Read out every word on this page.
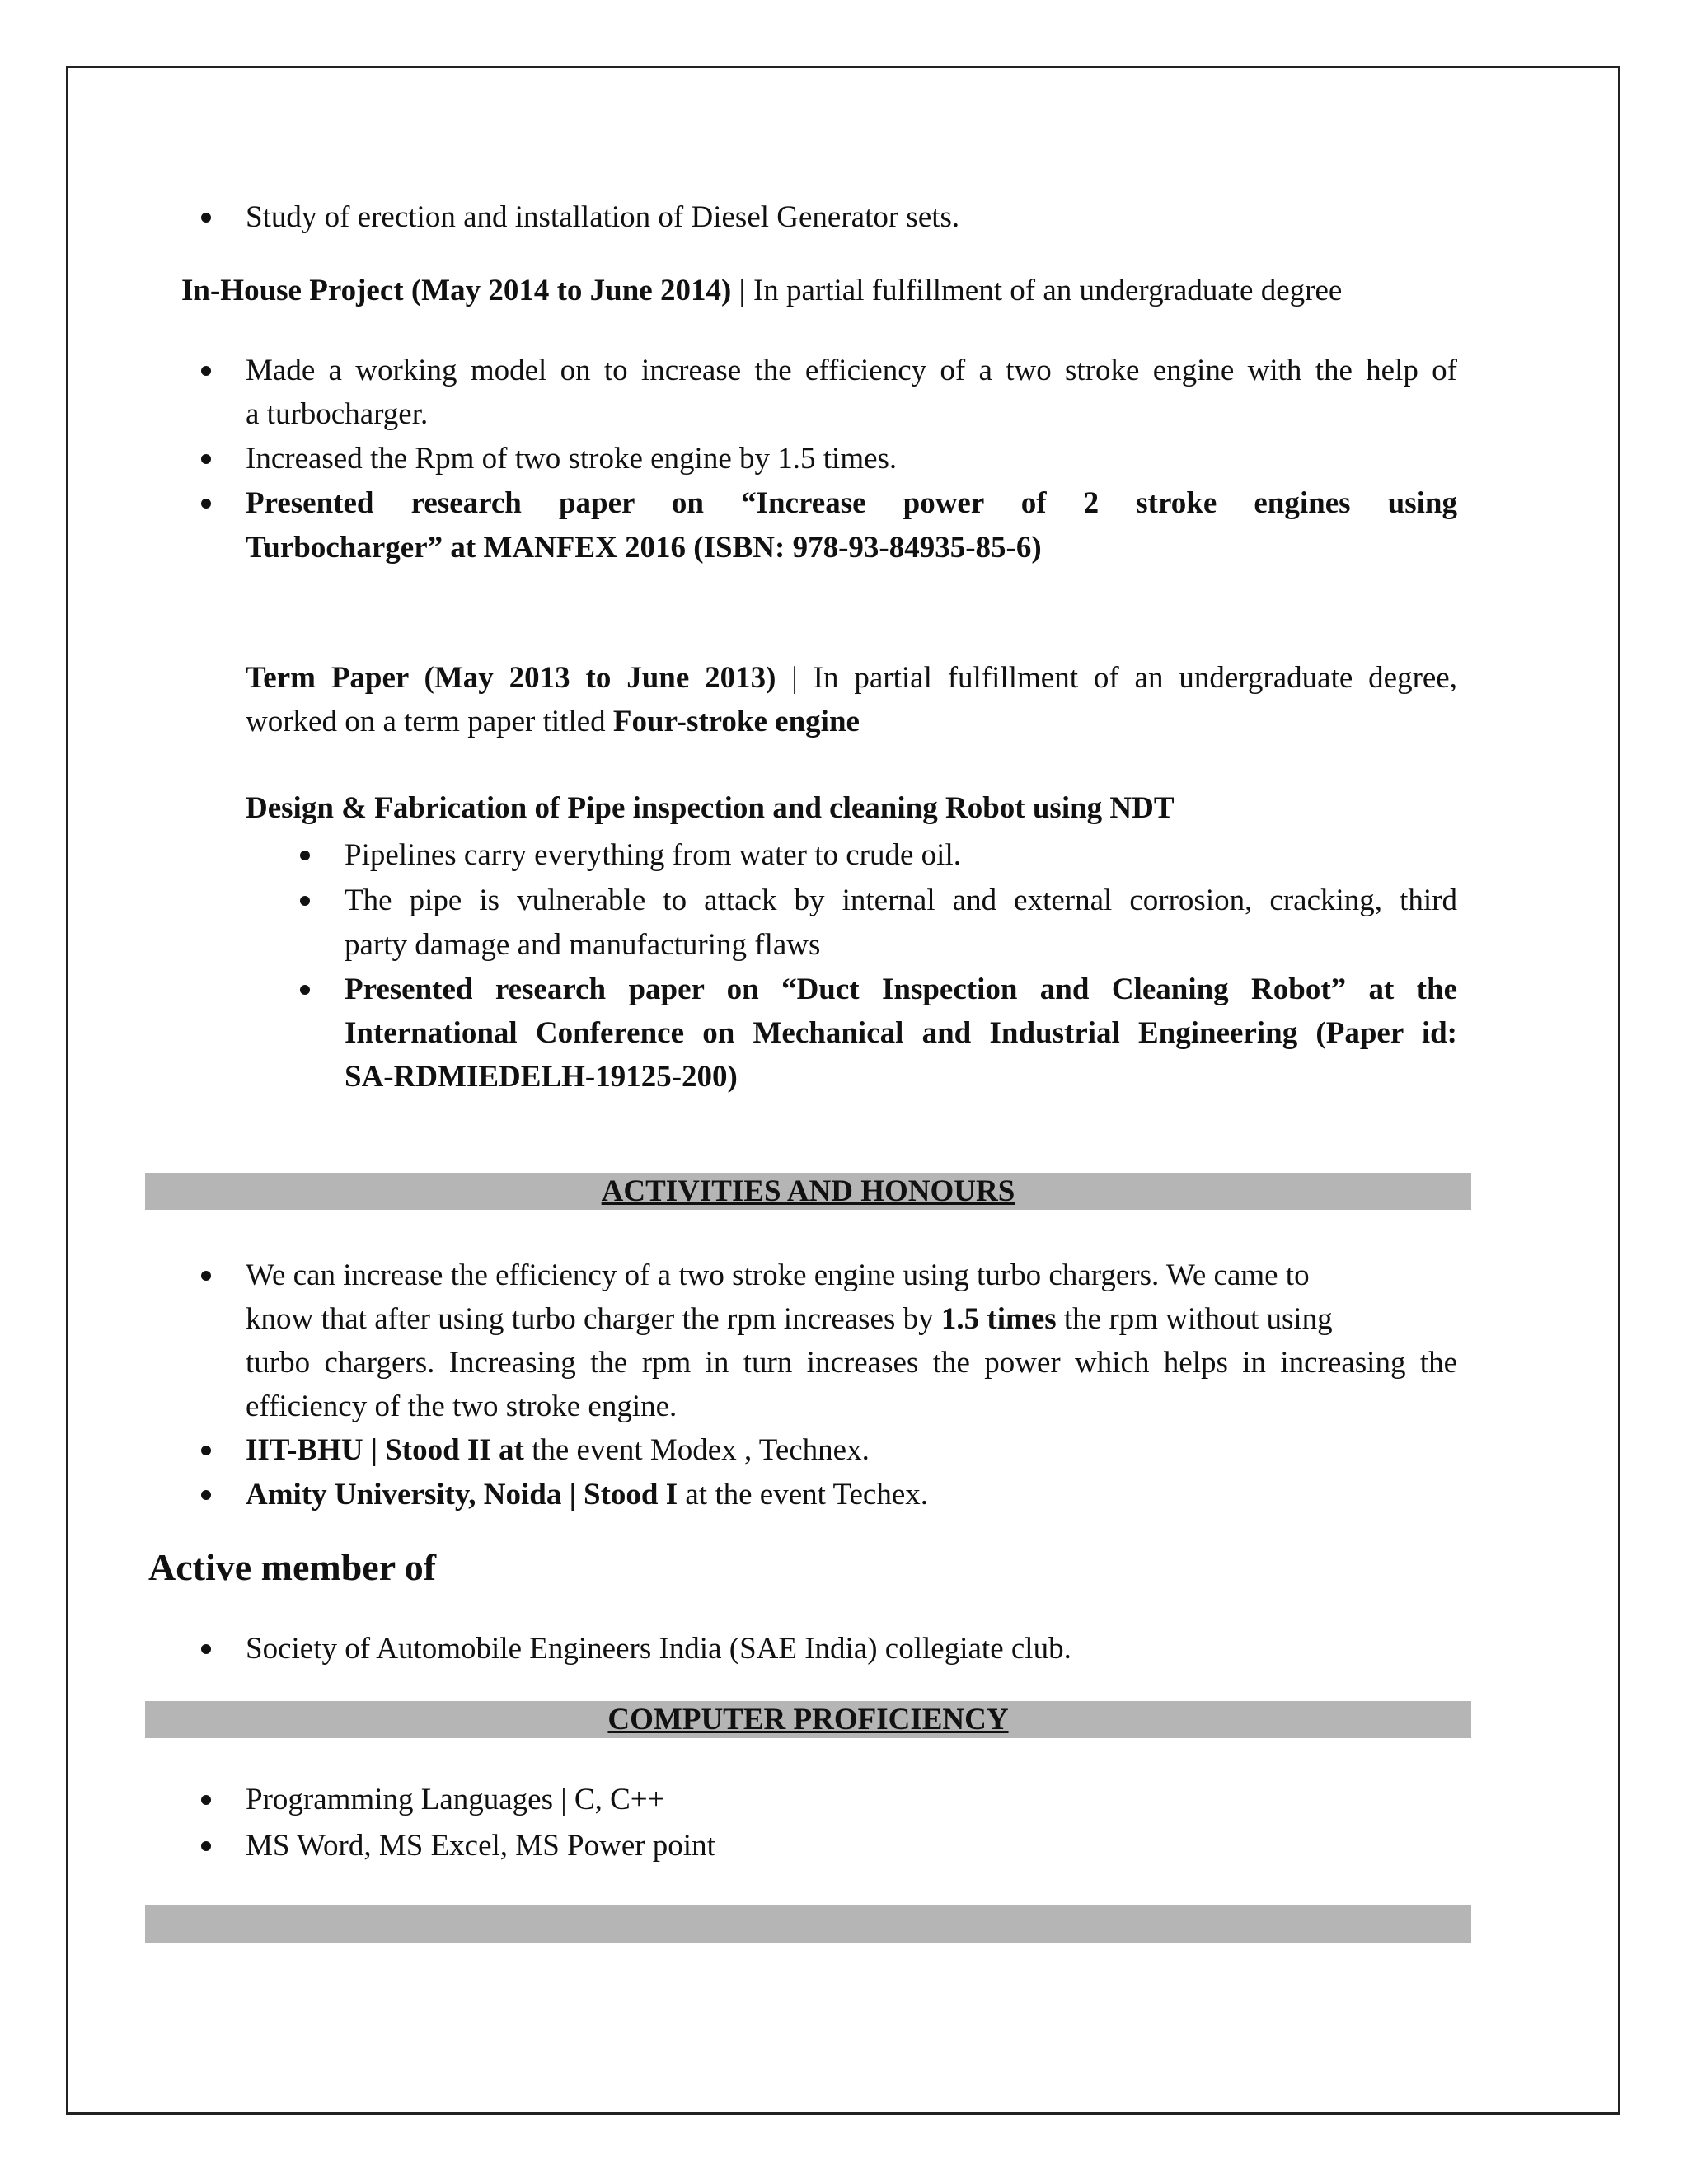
Study of erection and installation of Diesel Generator sets.
In-House Project (May 2014 to June 2014) | In partial fulfillment of an undergraduate degree
Made a working model on to increase the efficiency of a two stroke engine with the help of
a turbocharger.
Increased the Rpm of two stroke engine by 1.5 times.
Presented research paper on “Increase power of 2 stroke engines using
Turbocharger” at MANFEX 2016 (ISBN: 978-93-84935-85-6)
Term Paper (May 2013 to June 2013) | In partial fulfillment of an undergraduate degree,
worked on a term paper titled Four-stroke engine
Design & Fabrication of Pipe inspection and cleaning Robot using NDT
Pipelines carry everything from water to crude oil.
The pipe is vulnerable to attack by internal and external corrosion, cracking, third
party damage and manufacturing flaws
Presented research paper on “Duct Inspection and Cleaning Robot” at the
International Conference on Mechanical and Industrial Engineering (Paper id:
SA-RDMIEDELH-19125-200)
ACTIVITIES AND HONOURS
We can increase the efficiency of a two stroke engine using turbo chargers. We came to
know that after using turbo charger the rpm increases by 1.5 times the rpm without using
turbo chargers. Increasing the rpm in turn increases the power which helps in increasing the
efficiency of the two stroke engine.
IIT-BHU | Stood II at the event Modex , Technex.
Amity University, Noida | Stood I at the event Techex.
Active member of
Society of Automobile Engineers India (SAE India) collegiate club.
COMPUTER PROFICIENCY
Programming Languages | C, C++
MS Word, MS Excel, MS Power point
